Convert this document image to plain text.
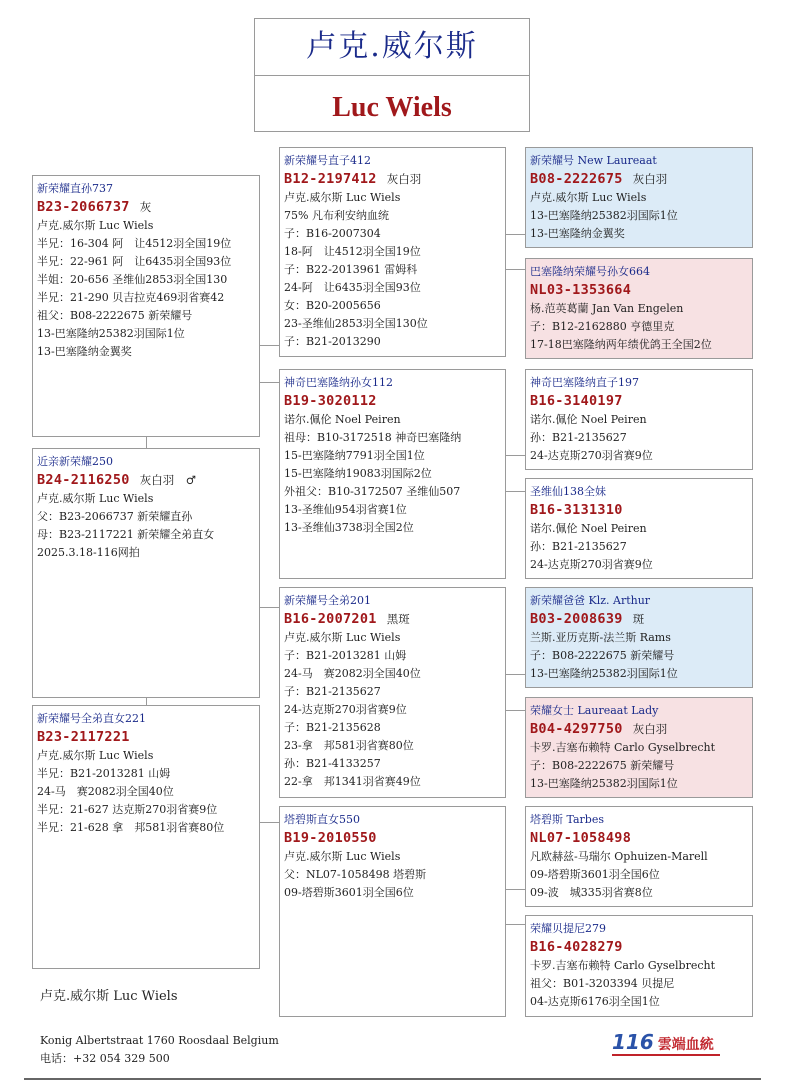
卢克.威尔斯
Luc Wiels
新荣耀直孙737
B23-2066737 灰
卢克.威尔斯 Luc Wiels
半兄：16-304 阿　让4512羽全国19位
半兄：22-961 阿　让6435羽全国93位
半姐：20-656 圣维仙2853羽全国130
半兄：21-290 贝吉拉克469羽省赛42
祖父：B08-2222675 新荣耀号
13-巴塞隆纳25382羽国际1位
13-巴塞隆纳金翼奖
近亲新荣耀250
B24-2116250 灰白羽　♂
卢克.威尔斯 Luc Wiels
父：B23-2066737 新荣耀直孙
母：B23-2117221 新荣耀全弟直女
2025.3.18-116网拍
新荣耀号全弟直女221
B23-2117221
卢克.威尔斯 Luc Wiels
半兄：B21-2013281 山姆
24-马　赛2082羽全国40位
半兄：21-627 达克斯270羽省赛9位
半兄：21-628 拿　邦581羽省赛80位
新荣耀号直子412
B12-2197412 灰白羽
卢克.威尔斯 Luc Wiels
75% 凡布利安纳血统
子：B16-2007304
18-阿　让4512羽全国19位
子：B22-2013961 雷姆科
24-阿　让6435羽全国93位
女：B20-2005656
23-圣维仙2853羽全国130位
子：B21-2013290
神奇巴塞隆纳孙女112
B19-3020112
诺尔.佩伦 Noel Peiren
祖母：B10-3172518 神奇巴塞隆纳
15-巴塞隆纳7791羽全国1位
15-巴塞隆纳19083羽国际2位
外祖父：B10-3172507 圣维仙507
13-圣维仙954羽省赛1位
13-圣维仙3738羽全国2位
新荣耀号全弟201
B16-2007201 黑斑
卢克.威尔斯 Luc Wiels
子：B21-2013281 山姆
24-马　赛2082羽全国40位
子：B21-2135627
24-达克斯270羽省赛9位
子：B21-2135628
23-拿　邦581羽省赛80位
孙：B21-4133257
22-拿　邦1341羽省赛49位
塔碧斯直女550
B19-2010550
卢克.威尔斯 Luc Wiels
父：NL07-1058498 塔碧斯
09-塔碧斯3601羽全国6位
新荣耀号 New Laureaat
B08-2222675 灰白羽
卢克.威尔斯 Luc Wiels
13-巴塞隆纳25382羽国际1位
13-巴塞隆纳金翼奖
巴塞隆纳荣耀号孙女664
NL03-1353664
杨.范英葛蘭 Jan Van Engelen
子：B12-2162880 亨德里克
17-18巴塞隆纳两年绩优鸽王全国2位
神奇巴塞隆纳直子197
B16-3140197
诺尔.佩伦 Noel Peiren
孙：B21-2135627
24-达克斯270羽省赛9位
圣维仙138全妹
B16-3131310
诺尔.佩伦 Noel Peiren
孙：B21-2135627
24-达克斯270羽省赛9位
新荣耀爸爸 Klz. Arthur
B03-2008639 斑
兰斯.亚历克斯-法兰斯 Rams
子：B08-2222675 新荣耀号
13-巴塞隆纳25382羽国际1位
荣耀女士 Laureaat Lady
B04-4297750 灰白羽
卡罗.吉塞布赖特 Carlo Gyselbrecht
子：B08-2222675 新荣耀号
13-巴塞隆纳25382羽国际1位
塔碧斯 Tarbes
NL07-1058498
凡欧赫兹-马瑞尔 Ophuizen-Marell
09-塔碧斯3601羽全国6位
09-波　城335羽省赛8位
荣耀贝提尼279
B16-4028279
卡罗.吉塞布赖特 Carlo Gyselbrecht
祖父：B01-3203394 贝提尼
04-达克斯6176羽全国1位
卢克.威尔斯 Luc Wiels
Konig Albertstraat 1760 Roosdaal Belgium
电话：+32 054 329 500
116 雲端血統
